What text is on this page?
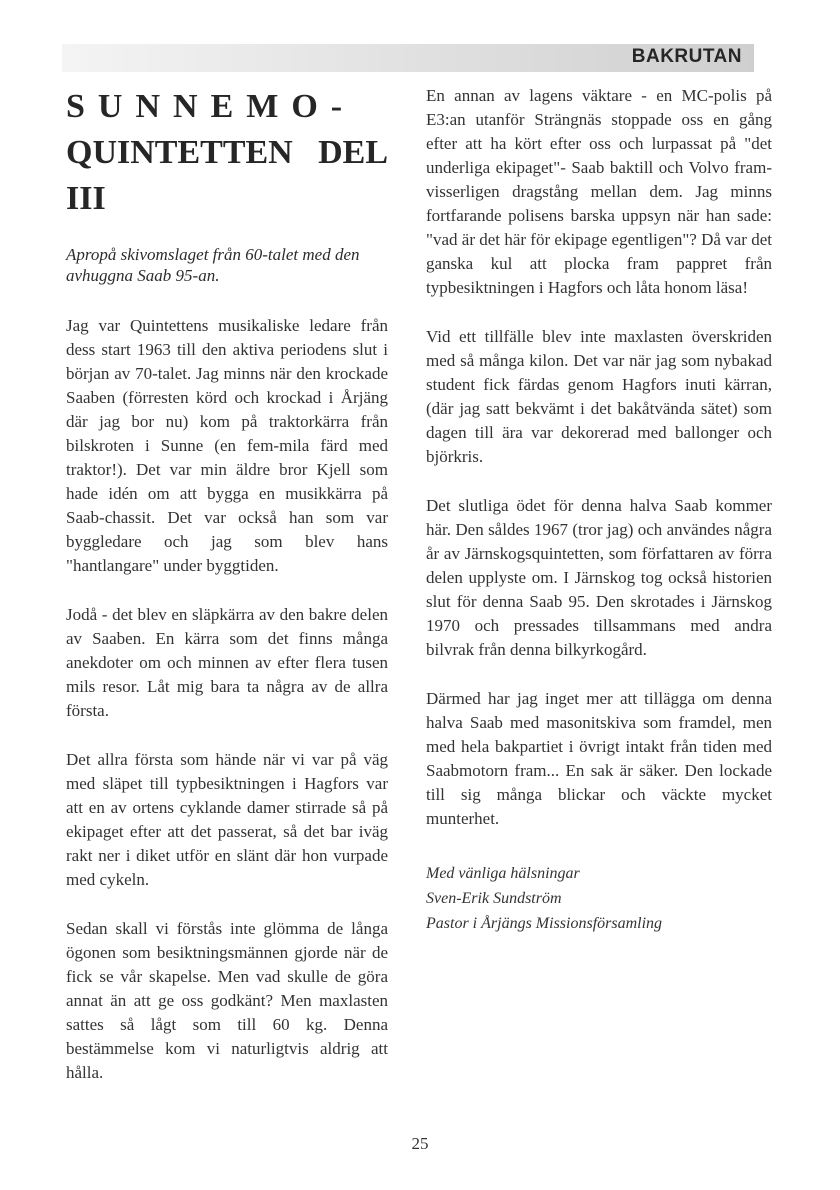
BAKRUTAN
SUNNEMO-
QUINTETTEN DEL
III

Apropå skivomslaget från 60-talet med den avhuggna Saab 95-an.

Jag var Quintettens musikaliske ledare från dess start 1963 till den aktiva periodens slut i början av 70-talet. Jag minns när den krockade Saaben (förresten körd och krockad i Årjäng där jag bor nu) kom på traktorkärra från bilskroten i Sunne (en fem-mila färd med traktor!). Det var min äldre bror Kjell som hade idén om att bygga en musikkärra på Saab-chassit. Det var också han som var byggledare och jag som blev hans "hantlangare" under byggtiden.

Jodå - det blev en släpkärra av den bakre delen av Saaben. En kärra som det finns många anekdoter om och minnen av efter flera tusen mils resor. Låt mig bara ta några av de allra första.

Det allra första som hände när vi var på väg med släpet till typbesiktningen i Hagfors var att en av ortens cyklande damer stirrade så på ekipaget efter att det passerat, så det bar iväg rakt ner i diket utför en slänt där hon vurpade med cykeln.

Sedan skall vi förstås inte glömma de långa ögonen som besiktningsmännen gjorde när de fick se vår skapelse. Men vad skulle de göra annat än att ge oss godkänt? Men maxlasten sattes så lågt som till 60 kg. Denna bestämmelse kom vi naturligtvis aldrig att hålla.

En annan av lagens väktare - en MC-polis på E3:an utanför Strängnäs stoppade oss en gång efter att ha kört efter oss och lurpassat på "det underliga ekipaget"- Saab baktill och Volvo fram- visserligen dragstång mellan dem. Jag minns fortfarande polisens barska uppsyn när han sade: "vad är det här för ekipage egentligen"? Då var det ganska kul att plocka fram pappret från typbesiktningen i Hagfors och låta honom läsa!

Vid ett tillfälle blev inte maxlasten överskriden med så många kilon. Det var när jag som nybakad student fick färdas genom Hagfors inuti kärran, (där jag satt bekvämt i det bakåtvända sätet) som dagen till ära var dekorerad med ballonger och björkris.

Det slutliga ödet för denna halva Saab kommer här. Den såldes 1967 (tror jag) och användes några år av Järnskogsquintetten, som författaren av förra delen upplyste om. I Järnskog tog också historien slut för denna Saab 95. Den skrotades i Järnskog 1970 och pressades tillsammans med andra bilvrak från denna bilkyrkogård.

Därmed har jag inget mer att tillägga om denna halva Saab med masonitskiva som framdel, men med hela bakpartiet i övrigt intakt från tiden med Saabmotorn fram... En sak är säker. Den lockade till sig många blickar och väckte mycket munterhet.

Med vänliga hälsningar
Sven-Erik Sundström
Pastor i Årjängs Missionsförsamling
25
